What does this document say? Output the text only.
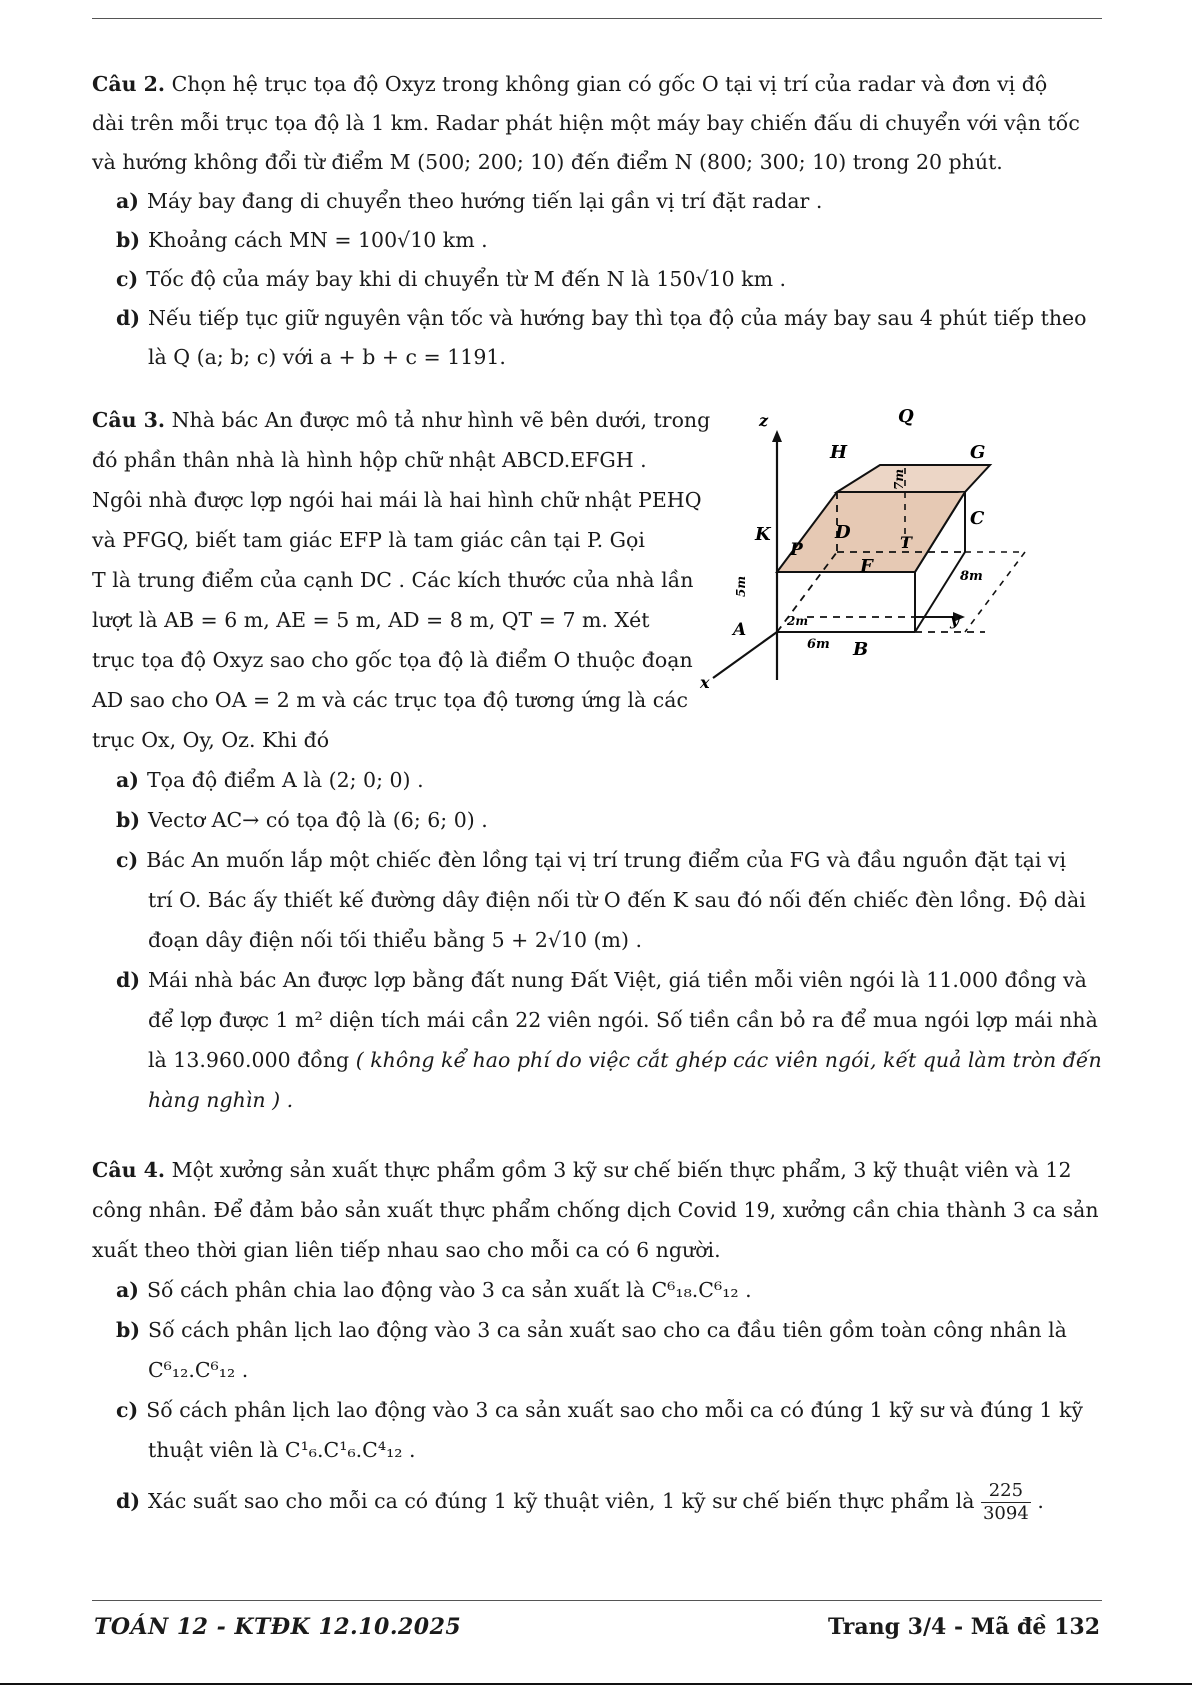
Câu 2. Chọn hệ trục tọa độ Oxyz trong không gian có gốc O tại vị trí của radar và đơn vị độ
dài trên mỗi trục tọa độ là 1 km. Radar phát hiện một máy bay chiến đấu di chuyển với vận tốc
và hướng không đổi từ điểm M (500; 200; 10) đến điểm N (800; 300; 10) trong 20 phút.
a) Máy bay đang di chuyển theo hướng tiến lại gần vị trí đặt radar .
b) Khoảng cách MN = 100√10 km .
c) Tốc độ của máy bay khi di chuyển từ M đến N là 150√10 km .
d) Nếu tiếp tục giữ nguyên vận tốc và hướng bay thì tọa độ của máy bay sau 4 phút tiếp theo
là Q (a; b; c) với a + b + c = 1191.
Câu 3. Nhà bác An được mô tả như hình vẽ bên dưới, trong
đó phần thân nhà là hình hộp chữ nhật ABCD.EFGH .
Ngôi nhà được lợp ngói hai mái là hai hình chữ nhật PEHQ
và PFGQ, biết tam giác EFP là tam giác cân tại P. Gọi
T là trung điểm của cạnh DC . Các kích thước của nhà lần
lượt là AB = 6 m, AE = 5 m, AD = 8 m, QT = 7 m. Xét
trục tọa độ Oxyz sao cho gốc tọa độ là điểm O thuộc đoạn
AD sao cho OA = 2 m và các trục tọa độ tương ứng là các
trục Ox, Oy, Oz. Khi đó
z	Q
H	G
K	D
C
P	T
F
A
B
y
x
5m
2m
6m
8m
7m
a) Tọa độ điểm A là (2; 0; 0) .
b) Vectơ AC→ có tọa độ là (6; 6; 0) .
c) Bác An muốn lắp một chiếc đèn lồng tại vị trí trung điểm của FG và đầu nguồn đặt tại vị
trí O. Bác ấy thiết kế đường dây điện nối từ O đến K sau đó nối đến chiếc đèn lồng. Độ dài
đoạn dây điện nối tối thiểu bằng 5 + 2√10 (m) .
d) Mái nhà bác An được lợp bằng đất nung Đất Việt, giá tiền mỗi viên ngói là 11.000 đồng và
để lợp được 1 m² diện tích mái cần 22 viên ngói. Số tiền cần bỏ ra để mua ngói lợp mái nhà
là 13.960.000 đồng ( không kể hao phí do việc cắt ghép các viên ngói, kết quả làm tròn đến
hàng nghìn ) .
Câu 4. Một xưởng sản xuất thực phẩm gồm 3 kỹ sư chế biến thực phẩm, 3 kỹ thuật viên và 12
công nhân. Để đảm bảo sản xuất thực phẩm chống dịch Covid 19, xưởng cần chia thành 3 ca sản
xuất theo thời gian liên tiếp nhau sao cho mỗi ca có 6 người.
a) Số cách phân chia lao động vào 3 ca sản xuất là C⁶₁₈.C⁶₁₂ .
b) Số cách phân lịch lao động vào 3 ca sản xuất sao cho ca đầu tiên gồm toàn công nhân là
C⁶₁₂.C⁶₁₂ .
c) Số cách phân lịch lao động vào 3 ca sản xuất sao cho mỗi ca có đúng 1 kỹ sư và đúng 1 kỹ
thuật viên là C¹₆.C¹₆.C⁴₁₂ .
d) Xác suất sao cho mỗi ca có đúng 1 kỹ thuật viên, 1 kỹ sư chế biến thực phẩm là $\frac{225}{3094}$ .
TOÁN 12 - KTĐK 12.10.2025	Trang 3/4 - Mã đề 132
